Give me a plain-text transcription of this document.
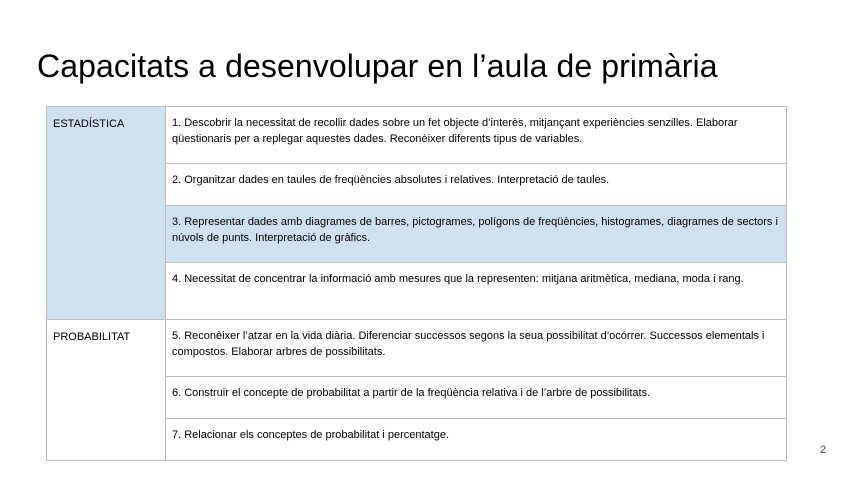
Capacitats a desenvolupar en l’aula de primària
ESTADÍSTICA	1. Descobrir la necessitat de recollir dades sobre un fet objecte d’interès, mitjançant experiències senzilles. Elaborar qüestionaris per a replegar aquestes dades. Reconèixer diferents tipus de variables.
	2. Organitzar dades en taules de freqüències absolutes i relatives. Interpretació de taules.
	3. Representar dades amb diagrames de barres, pictogrames, polígons de freqüències, histogrames, diagrames de sectors i núvols de punts. Interpretació de gràfics.
	4. Necessitat de concentrar la informació amb mesures que la representen: mitjana aritmètica, mediana, moda i rang.
PROBABILITAT	5. Reconèixer l’atzar en la vida diària. Diferenciar successos segons la seua possibilitat d’ocórrer. Successos elementals i compostos. Elaborar arbres de possibilitats.
	6. Construir el concepte de probabilitat a partir de la freqüència relativa i de l’arbre de possibilitats.
	7. Relacionar els conceptes de probabilitat i percentatge.
2
